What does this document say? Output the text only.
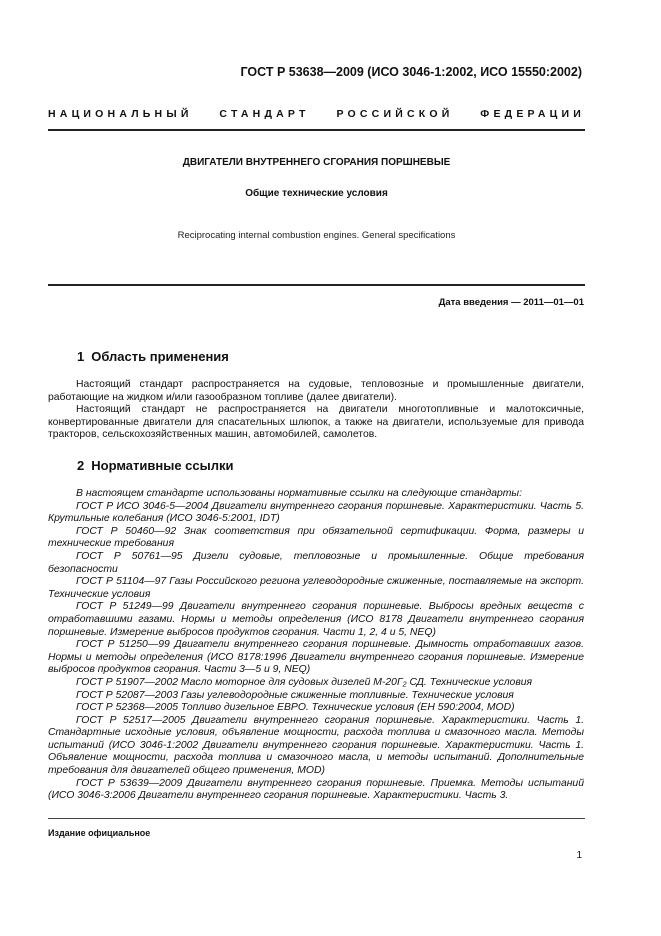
ГОСТ Р 53638—2009 (ИСО 3046-1:2002, ИСО 15550:2002)
НАЦИОНАЛЬНЫЙ	СТАНДАРТ	РОССИЙСКОЙ	ФЕДЕРАЦИИ
ДВИГАТЕЛИ ВНУТРЕННЕГО СГОРАНИЯ ПОРШНЕВЫЕ
Общие технические условия
Reciprocating internal combustion engines. General specifications
Дата введения — 2011—01—01
1 Область применения

Настоящий стандарт распространяется на судовые, тепловозные и промышленные двигатели, работающие на жидком и/или газообразном топливе (далее двигатели).

Настоящий стандарт не распространяется на двигатели многотопливные и малотоксичные, конвертированные двигатели для спасательных шлюпок, а также на двигатели, используемые для привода тракторов, сельскохозяйственных машин, автомобилей, самолетов.

2 Нормативные ссылки

В настоящем стандарте использованы нормативные ссылки на следующие стандарты:

ГОСТ Р ИСО 3046-5—2004 Двигатели внутреннего сгорания поршневые. Характеристики. Часть 5. Крутильные колебания (ИСО 3046-5:2001, IDT)

ГОСТ Р 50460—92 Знак соответствия при обязательной сертификации. Форма, размеры и технические требования

ГОСТ Р 50761—95 Дизели судовые, тепловозные и промышленные. Общие требования безопасности

ГОСТ Р 51104—97 Газы Российского региона углеводородные сжиженные, поставляемые на экспорт. Технические условия

ГОСТ Р 51249—99 Двигатели внутреннего сгорания поршневые. Выбросы вредных веществ с отработавшими газами. Нормы и методы определения (ИСО 8178 Двигатели внутреннего сгорания поршневые. Измерение выбросов продуктов сгорания. Части 1, 2, 4 и 5, NEQ)

ГОСТ Р 51250—99 Двигатели внутреннего сгорания поршневые. Дымность отработавших газов. Нормы и методы определения (ИСО 8178:1996 Двигатели внутреннего сгорания поршневые. Измерение выбросов продуктов сгорания. Части 3—5 и 9, NEQ)

ГОСТ Р 51907—2002 Масло моторное для судовых дизелей М-20Г₂ СД. Технические условия

ГОСТ Р 52087—2003 Газы углеводородные сжиженные топливные. Технические условия

ГОСТ Р 52368—2005 Топливо дизельное ЕВРО. Технические условия (ЕН 590:2004, MOD)

ГОСТ Р 52517—2005 Двигатели внутреннего сгорания поршневые. Характеристики. Часть 1. Стандартные исходные условия, объявление мощности, расхода топлива и смазочного масла. Методы испытаний (ИСО 3046-1:2002 Двигатели внутреннего сгорания поршневые. Характеристики. Часть 1. Объявление мощности, расхода топлива и смазочного масла, и методы испытаний. Дополнительные требования для двигателей общего применения, MOD)

ГОСТ Р 53639—2009 Двигатели внутреннего сгорания поршневые. Приемка. Методы испытаний (ИСО 3046-3:2006 Двигатели внутреннего сгорания поршневые. Характеристики. Часть 3.

Издание официальное
1
